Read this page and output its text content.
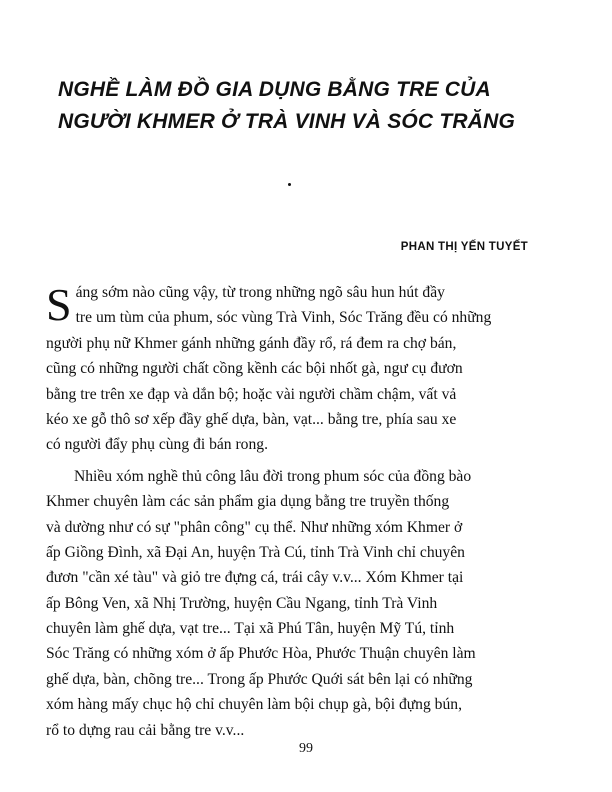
NGHỀ LÀM ĐỒ GIA DỤNG BẰNG TRE CỦA
NGƯỜI KHMER Ở TRÀ VINH VÀ SÓC TRĂNG
PHAN THỊ YẾN TUYẾT
S áng sớm nào cũng vậy, từ trong những ngõ sâu hun hút đầy
tre um tùm của phum, sóc vùng Trà Vinh, Sóc Trăng đều có những
người phụ nữ Khmer gánh những gánh đầy rổ, rá đem ra chợ bán,
cũng có những người chất cồng kềnh các bội nhốt gà, ngư cụ đươn
bằng tre trên xe đạp và dắn bộ; hoặc vài người chầm chậm, vất vả
kéo xe gỗ thô sơ xếp đầy ghế dựa, bàn, vạt... bằng tre, phía sau xe
có người đẩy phụ cùng đi bán rong.
Nhiều xóm nghề thủ công lâu đời trong phum sóc của đồng bào
Khmer chuyên làm các sản phẩm gia dụng bằng tre truyền thống
và dường như có sự "phân công" cụ thể. Như những xóm Khmer ở
ấp Giồng Đình, xã Đại An, huyện Trà Cú, tỉnh Trà Vinh chỉ chuyên
đươn "cần xé tàu" và giỏ tre đựng cá, trái cây v.v... Xóm Khmer tại
ấp Bông Ven, xã Nhị Trường, huyện Cầu Ngang, tỉnh Trà Vinh
chuyên làm ghế dựa, vạt tre... Tại xã Phú Tân, huyện Mỹ Tú, tỉnh
Sóc Trăng có những xóm ở ấp Phước Hòa, Phước Thuận chuyên làm
ghế dựa, bàn, chõng tre... Trong ấp Phước Quới sát bên lại có những
xóm hàng mấy chục hộ chỉ chuyên làm bội chụp gà, bội đựng bún,
rổ to dựng rau cải bằng tre v.v...
99
